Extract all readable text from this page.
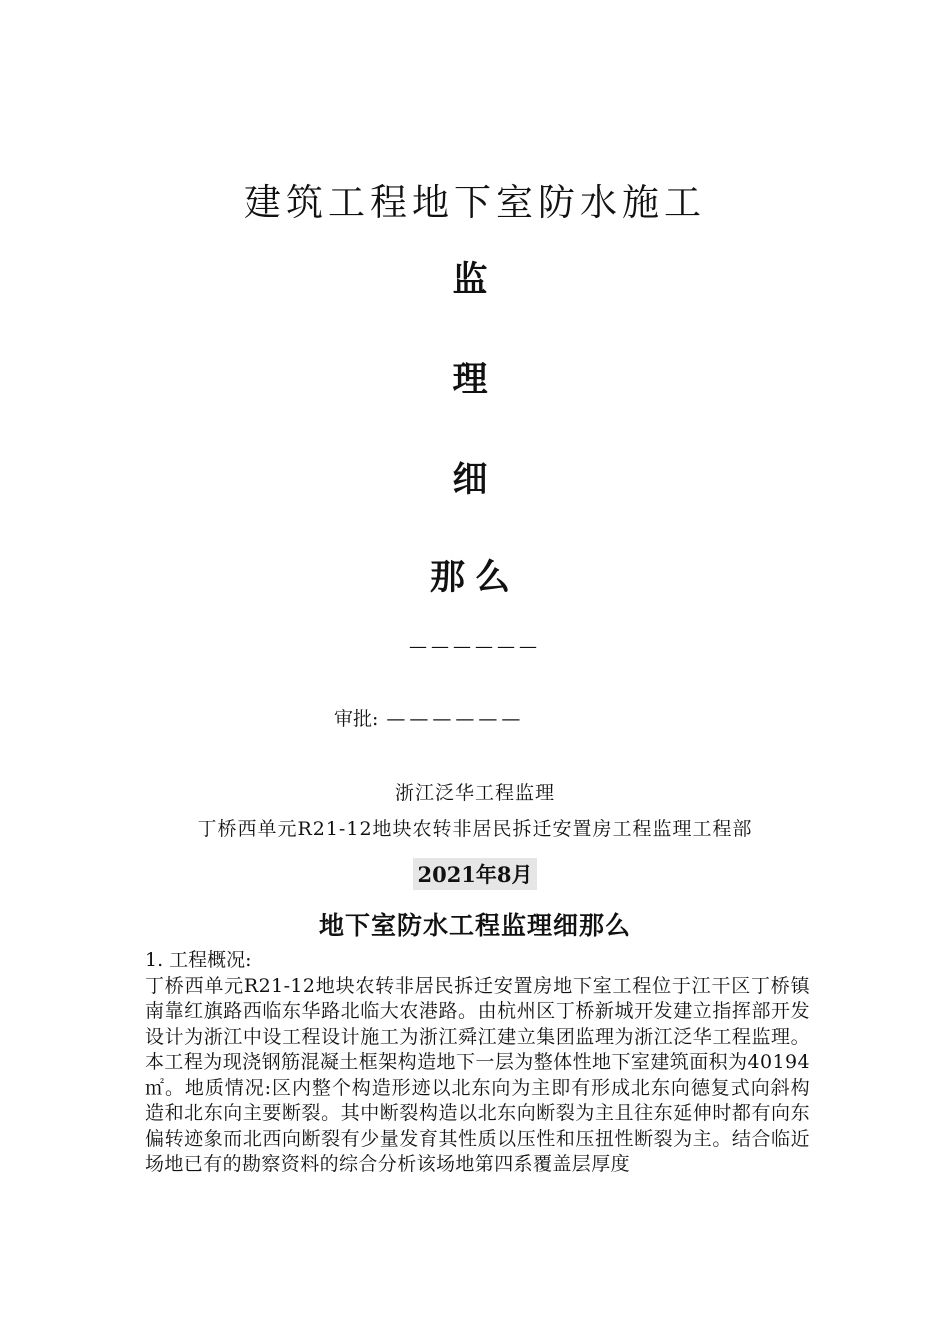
建筑工程地下室防水施工
监
理
细
那么
——————
审批: ——————
浙江泛华工程监理
丁桥西单元R21-12地块农转非居民拆迁安置房工程监理工程部
2021年8月
地下室防水工程监理细那么

1. 工程概况:

丁桥西单元R21-12地块农转非居民拆迁安置房地下室工程位于江干区丁桥镇南靠红旗路西临东华路北临大农港路。由杭州区丁桥新城开发建立指挥部开发设计为浙江中设工程设计施工为浙江舜江建立集团监理为浙江泛华工程监理。本工程为现浇钢筋混凝土框架构造地下一层为整体性地下室建筑面积为40194 ㎡。地质情况:区内整个构造形迹以北东向为主即有形成北东向德复式向斜构造和北东向主要断裂。其中断裂构造以北东向断裂为主且往东延伸时都有向东偏转迹象而北西向断裂有少量发育其性质以压性和压扭性断裂为主。结合临近场地已有的勘察资料的综合分析该场地第四系覆盖层厚度
